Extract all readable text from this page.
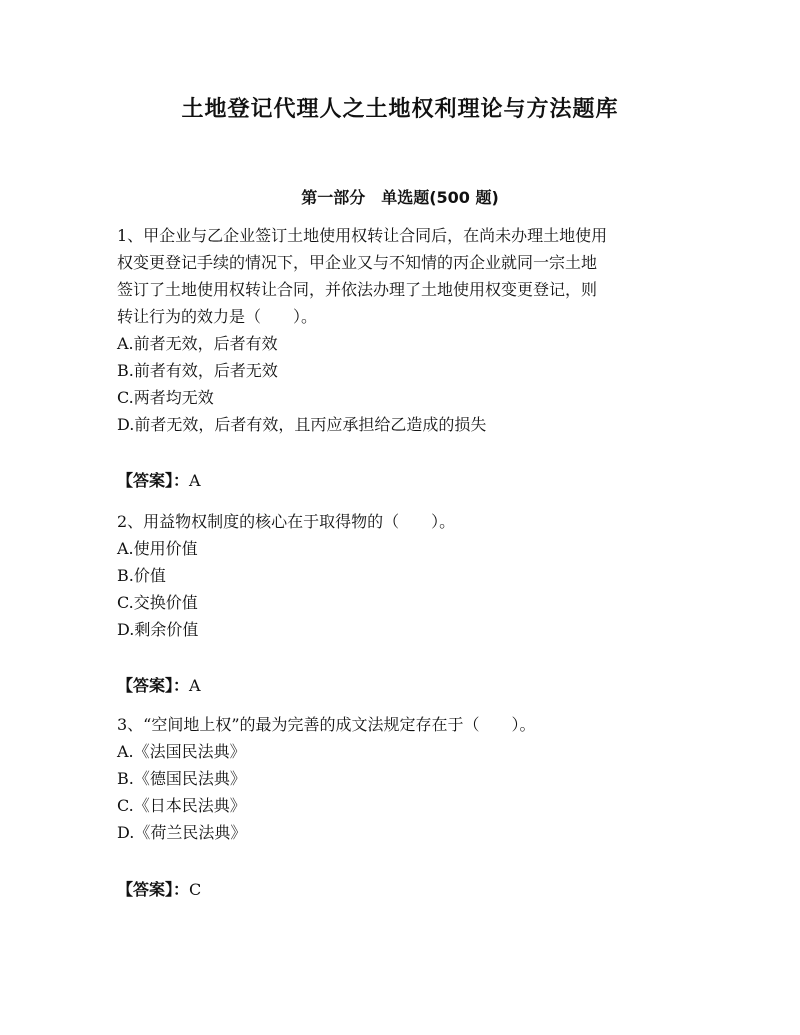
土地登记代理人之土地权利理论与方法题库
第一部分　单选题(500 题)
1、甲企业与乙企业签订土地使用权转让合同后，在尚未办理土地使用
权变更登记手续的情况下，甲企业又与不知情的丙企业就同一宗土地
签订了土地使用权转让合同，并依法办理了土地使用权变更登记，则
转让行为的效力是（　　）。
A.前者无效，后者有效
B.前者有效，后者无效
C.两者均无效
D.前者无效，后者有效，且丙应承担给乙造成的损失
【答案】：A
2、用益物权制度的核心在于取得物的（　　）。
A.使用价值
B.价值
C.交换价值
D.剩余价值
【答案】：A
3、“空间地上权”的最为完善的成文法规定存在于（　　）。
A.《法国民法典》
B.《德国民法典》
C.《日本民法典》
D.《荷兰民法典》
【答案】：C
